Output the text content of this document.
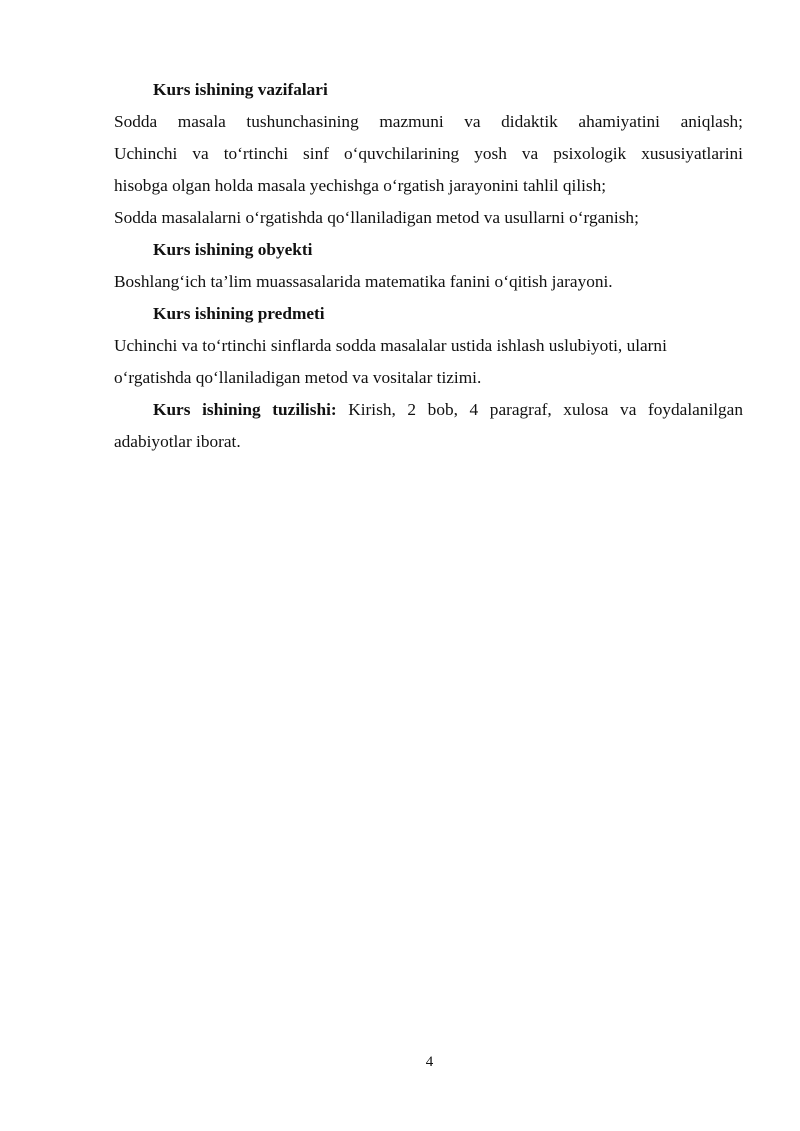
Kurs ishining vazifalari

Sodda masala tushunchasining mazmuni va didaktik ahamiyatini aniqlash;

Uchinchi va to‘rtinchi sinf o‘quvchilarining yosh va psixologik xususiyatlarini

hisobga olgan holda masala yechishga o‘rgatish jarayonini tahlil qilish;

Sodda masalalarni o‘rgatishda qo‘llaniladigan metod va usullarni o‘rganish;

Kurs ishining obyekti

Boshlang‘ich ta’lim muassasalarida matematika fanini o‘qitish jarayoni.

Kurs ishining predmeti

Uchinchi va to‘rtinchi sinflarda sodda masalalar ustida ishlash uslubiyoti, ularni

o‘rgatishda qo‘llaniladigan metod va vositalar tizimi.

Kurs ishining tuzilishi: Kirish, 2 bob, 4 paragraf, xulosa va foydalanilgan

adabiyotlar iborat.

4
